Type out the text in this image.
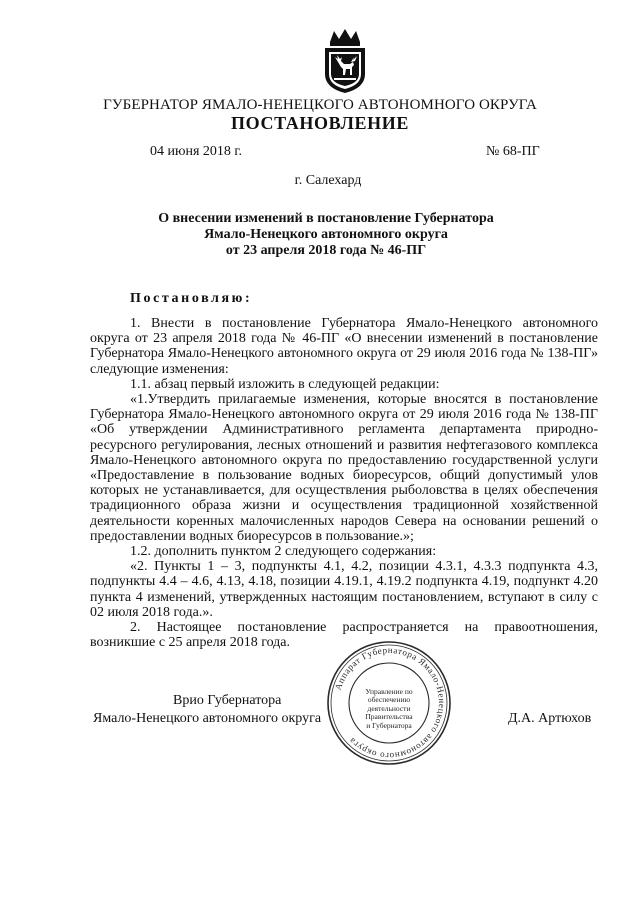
ГУБЕРНАТОР ЯМАЛО-НЕНЕЦКОГО АВТОНОМНОГО ОКРУГА
ПОСТАНОВЛЕНИЕ
04 июня 2018 г.	№ 68-ПГ
г. Салехард
О внесении изменений в постановление Губернатора
Ямало-Ненецкого автономного округа
от 23 апреля 2018 года № 46-ПГ
Постановляю:

1. Внести в постановление Губернатора Ямало-Ненецкого автономного округа от 23 апреля 2018 года № 46-ПГ «О внесении изменений в постановление Губернатора Ямало-Ненецкого автономного округа от 29 июля 2016 года № 138-ПГ» следующие изменения:

1.1. абзац первый изложить в следующей редакции:

«1.Утвердить прилагаемые изменения, которые вносятся в постановление Губернатора Ямало-Ненецкого автономного округа от 29 июля 2016 года № 138-ПГ «Об утверждении Административного регламента департамента природно-ресурсного регулирования, лесных отношений и развития нефтегазового комплекса Ямало-Ненецкого автономного округа по предоставлению государственной услуги «Предоставление в пользование водных биоресурсов, общий допустимый улов которых не устанавливается, для осуществления рыболовства в целях обеспечения традиционного образа жизни и осуществления традиционной хозяйственной деятельности коренных малочисленных народов Севера на основании решений о предоставлении водных биоресурсов в пользование.»;

1.2. дополнить пунктом 2 следующего содержания:

«2. Пункты 1 – 3, подпункты 4.1, 4.2, позиции 4.3.1, 4.3.3 подпункта 4.3, подпункты 4.4 – 4.6, 4.13, 4.18, позиции 4.19.1, 4.19.2 подпункта 4.19, подпункт 4.20 пункта 4 изменений, утвержденных настоящим постановлением, вступают в силу с 02 июля 2018 года.».

2. Настоящее постановление распространяется на правоотношения, возникшие с 25 апреля 2018 года.

Аппарат Губернатора Ямало-Ненецкого автономного округа
Управление по
обеспечению
деятельности
Правительства
и Губернатора
Врио Губернатора
Ямало-Ненецкого автономного округа	Д.А. Артюхов
